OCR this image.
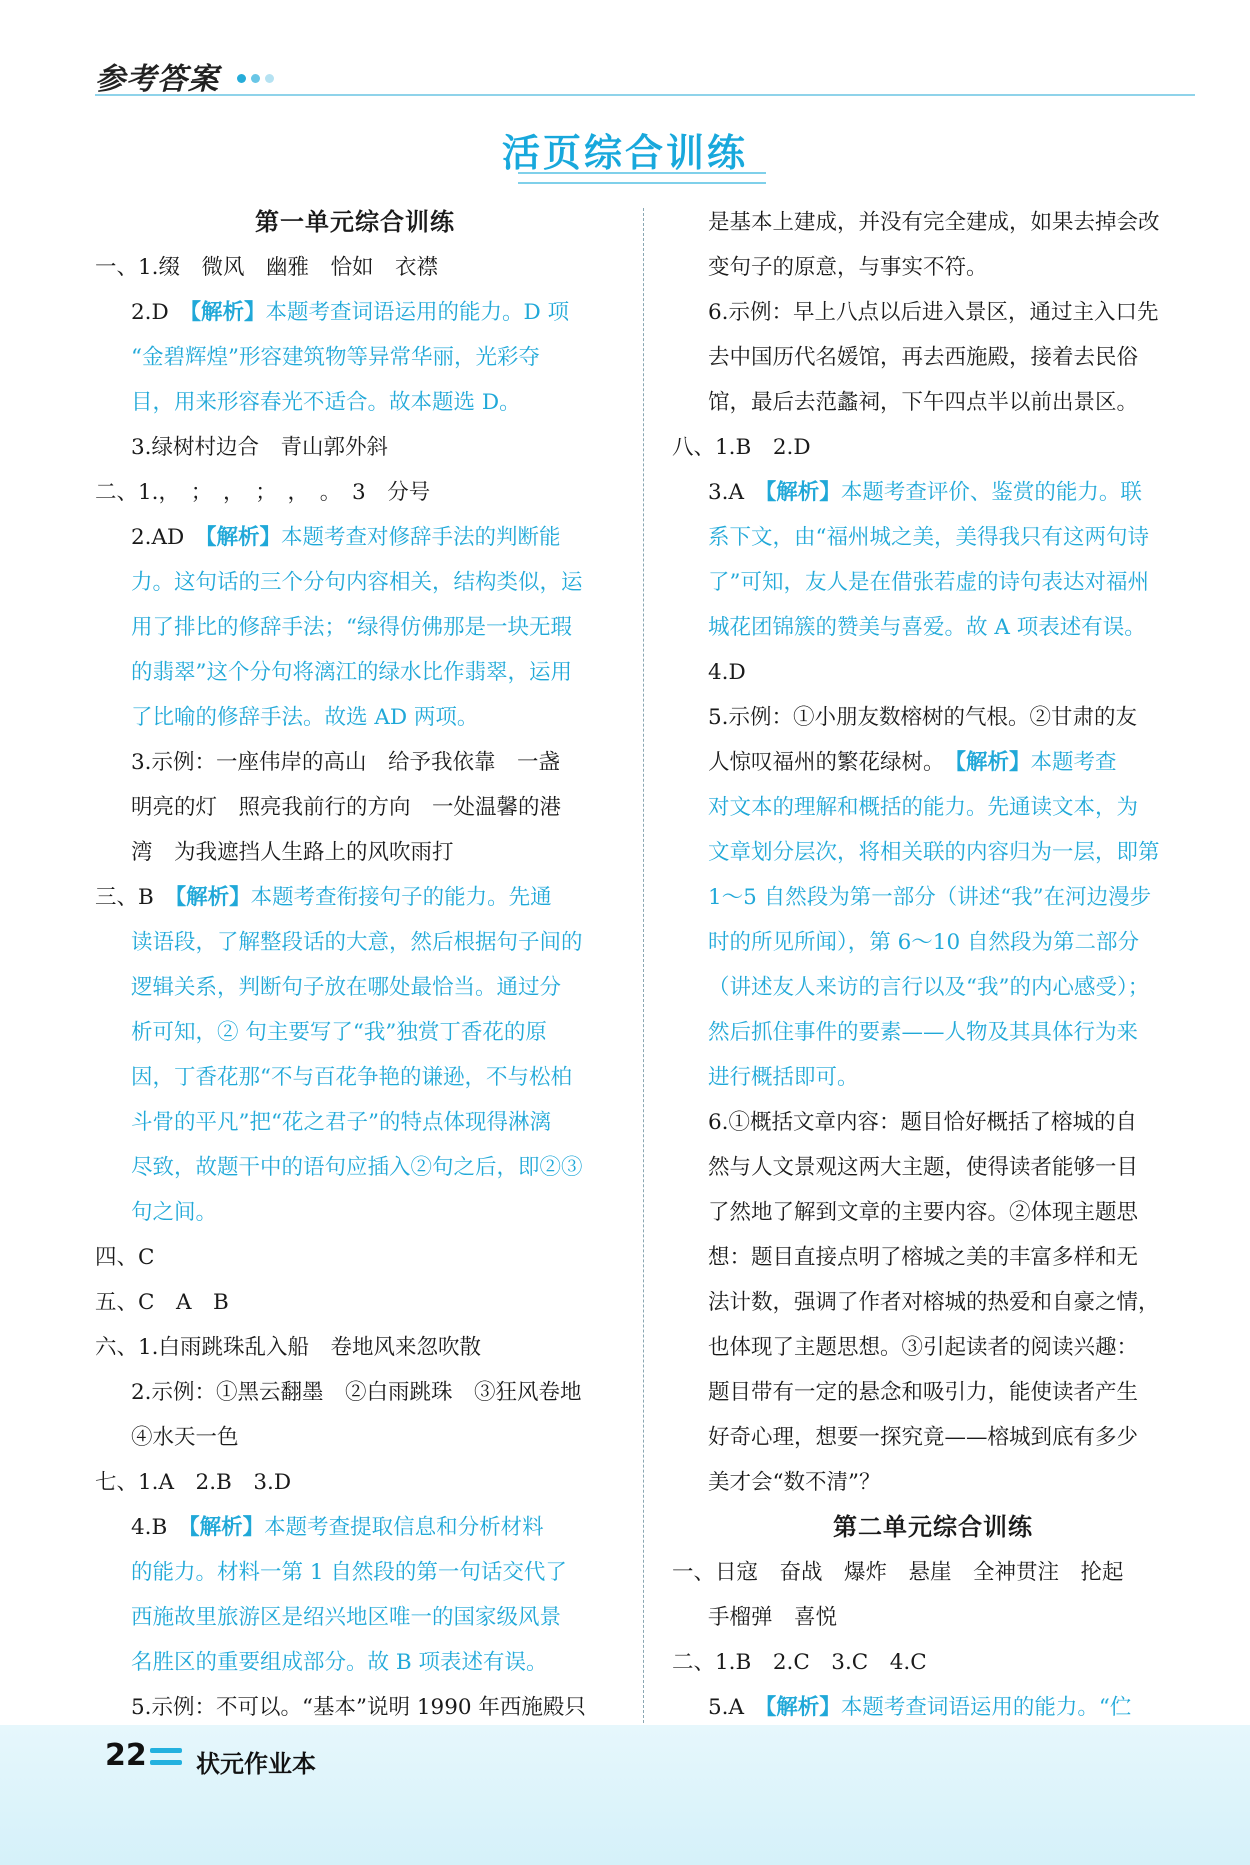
参考答案
活页综合训练
第一单元综合训练
一、1.缀　微风　幽雅　恰如　衣襟
2.D　【解析】本题考查词语运用的能力。D 项
“金碧辉煌”形容建筑物等异常华丽，光彩夺
目，用来形容春光不适合。故本题选 D。
3.绿树村边合　青山郭外斜
二、1.，　；　，　；　，　。　3　分号
2.AD　【解析】本题考查对修辞手法的判断能
力。这句话的三个分句内容相关，结构类似，运
用了排比的修辞手法；“绿得仿佛那是一块无瑕
的翡翠”这个分句将漓江的绿水比作翡翠，运用
了比喻的修辞手法。故选 AD 两项。
3.示例：一座伟岸的高山　给予我依靠　一盏
明亮的灯　照亮我前行的方向　一处温馨的港
湾　为我遮挡人生路上的风吹雨打
三、B　【解析】本题考查衔接句子的能力。先通
读语段，了解整段话的大意，然后根据句子间的
逻辑关系，判断句子放在哪处最恰当。通过分
析可知，② 句主要写了“我”独赏丁香花的原
因，丁香花那“不与百花争艳的谦逊，不与松柏
斗骨的平凡”把“花之君子”的特点体现得淋漓
尽致，故题干中的语句应插入②句之后，即②③
句之间。
四、C
五、C　A　B
六、1.白雨跳珠乱入船　卷地风来忽吹散
2.示例：①黑云翻墨　②白雨跳珠　③狂风卷地
④水天一色
七、1.A　2.B　3.D
4.B　【解析】本题考查提取信息和分析材料
的能力。材料一第 1 自然段的第一句话交代了
西施故里旅游区是绍兴地区唯一的国家级风景
名胜区的重要组成部分。故 B 项表述有误。
5.示例：不可以。“基本”说明 1990 年西施殿只
是基本上建成，并没有完全建成，如果去掉会改
变句子的原意，与事实不符。
6.示例：早上八点以后进入景区，通过主入口先
去中国历代名媛馆，再去西施殿，接着去民俗
馆，最后去范蠡祠，下午四点半以前出景区。
八、1.B　2.D
3.A　【解析】本题考查评价、鉴赏的能力。联
系下文，由“福州城之美，美得我只有这两句诗
了”可知，友人是在借张若虚的诗句表达对福州
城花团锦簇的赞美与喜爱。故 A 项表述有误。
4.D
5.示例：①小朋友数榕树的气根。②甘肃的友
人惊叹福州的繁花绿树。　【解析】本题考查
对文本的理解和概括的能力。先通读文本，为
文章划分层次，将相关联的内容归为一层，即第
1～5 自然段为第一部分（讲述“我”在河边漫步
时的所见所闻），第 6～10 自然段为第二部分
（讲述友人来访的言行以及“我”的内心感受）；
然后抓住事件的要素——人物及其具体行为来
进行概括即可。
6.①概括文章内容：题目恰好概括了榕城的自
然与人文景观这两大主题，使得读者能够一目
了然地了解到文章的主要内容。②体现主题思
想：题目直接点明了榕城之美的丰富多样和无
法计数，强调了作者对榕城的热爱和自豪之情，
也体现了主题思想。③引起读者的阅读兴趣：
题目带有一定的悬念和吸引力，能使读者产生
好奇心理，想要一探究竟——榕城到底有多少
美才会“数不清”？
第二单元综合训练
一、日寇　奋战　爆炸　悬崖　全神贯注　抡起
手榴弹　喜悦
二、1.B　2.C　3.C　4.C
5.A　【解析】本题考查词语运用的能力。“伫
22 状元作业本
